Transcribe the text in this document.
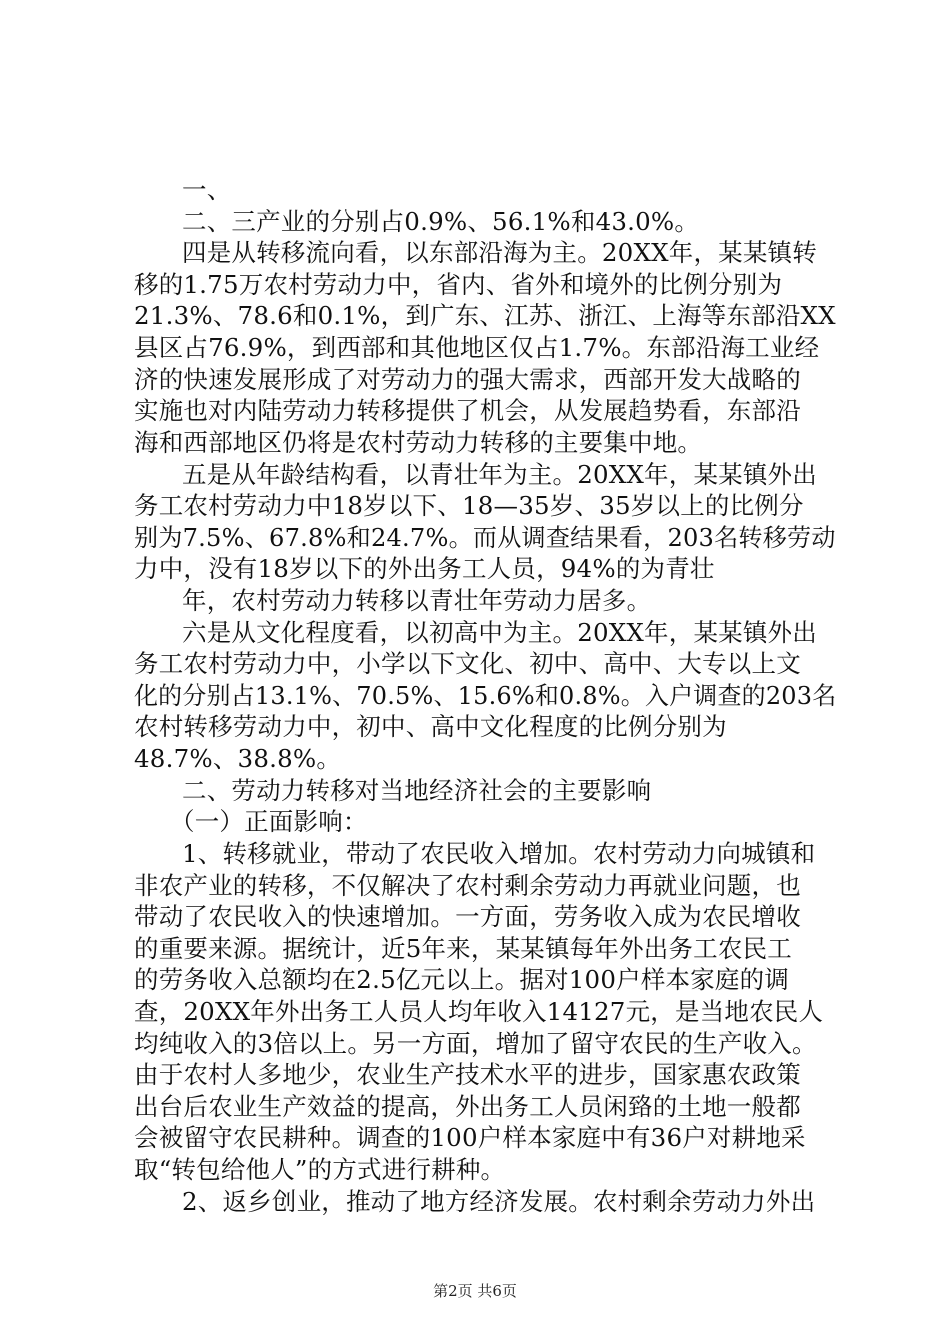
一、
二、三产业的分别占0.9%、56.1%和43.0%。
四是从转移流向看，以东部沿海为主。20XX年，某某镇转
移的1.75万农村劳动力中，省内、省外和境外的比例分别为
21.3%、78.6和0.1%，到广东、江苏、浙江、上海等东部沿XX
县区占76.9%，到西部和其他地区仅占1.7%。东部沿海工业经
济的快速发展形成了对劳动力的强大需求，西部开发大战略的
实施也对内陆劳动力转移提供了机会，从发展趋势看，东部沿
海和西部地区仍将是农村劳动力转移的主要集中地。
五是从年龄结构看，以青壮年为主。20XX年，某某镇外出
务工农村劳动力中18岁以下、18—35岁、35岁以上的比例分
别为7.5%、67.8%和24.7%。而从调查结果看，203名转移劳动
力中，没有18岁以下的外出务工人员，94%的为青壮
年，农村劳动力转移以青壮年劳动力居多。
六是从文化程度看，以初高中为主。20XX年，某某镇外出
务工农村劳动力中，小学以下文化、初中、高中、大专以上文
化的分别占13.1%、70.5%、15.6%和0.8%。入户调查的203名
农村转移劳动力中，初中、高中文化程度的比例分别为
48.7%、38.8%。
二、劳动力转移对当地经济社会的主要影响
（一）正面影响：
1、转移就业，带动了农民收入增加。农村劳动力向城镇和
非农产业的转移，不仅解决了农村剩余劳动力再就业问题，也
带动了农民收入的快速增加。一方面，劳务收入成为农民增收
的重要来源。据统计，近5年来，某某镇每年外出务工农民工
的劳务收入总额均在2.5亿元以上。据对100户样本家庭的调
查，20XX年外出务工人员人均年收入14127元，是当地农民人
均纯收入的3倍以上。另一方面，增加了留守农民的生产收入。
由于农村人多地少，农业生产技术水平的进步，国家惠农政策
出台后农业生产效益的提高，外出务工人员闲臵的土地一般都
会被留守农民耕种。调查的100户样本家庭中有36户对耕地采
取“转包给他人”的方式进行耕种。
2、返乡创业，推动了地方经济发展。农村剩余劳动力外出
第2页 共6页
